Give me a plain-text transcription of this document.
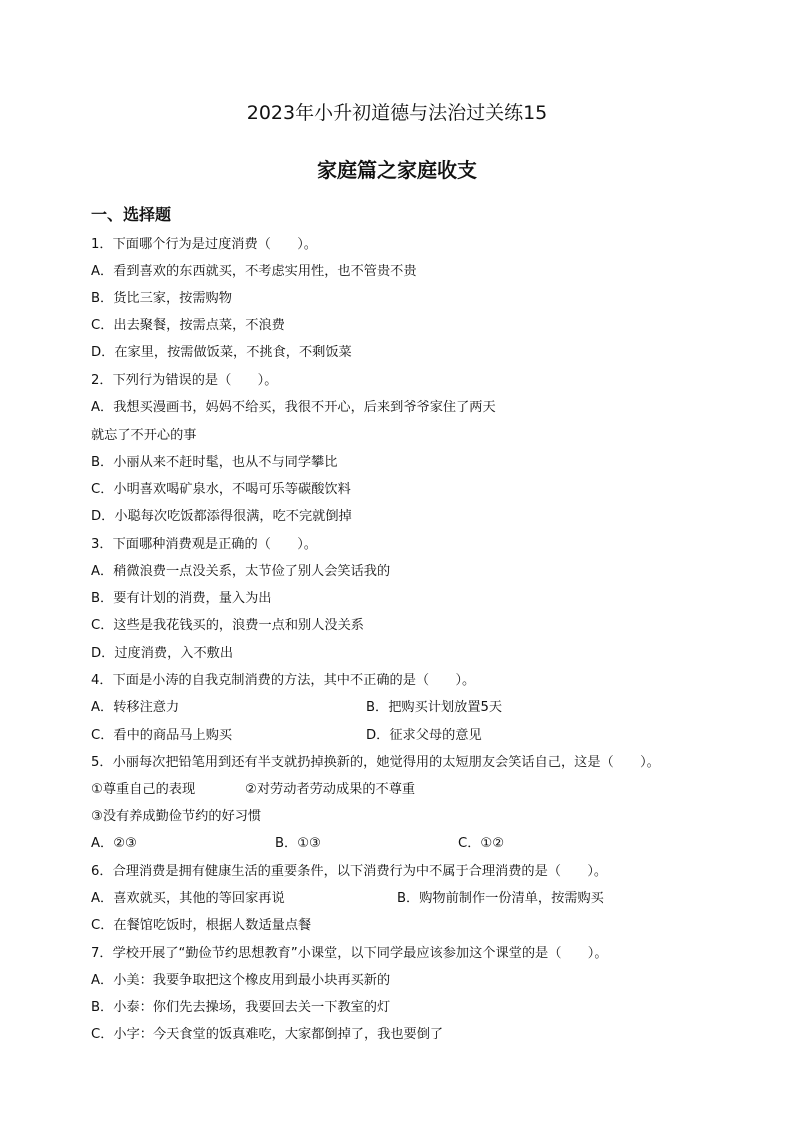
2023年小升初道德与法治过关练15
家庭篇之家庭收支
一、选择题
1．下面哪个行为是过度消费（　　）。
A．看到喜欢的东西就买，不考虑实用性，也不管贵不贵
B．货比三家，按需购物
C．出去聚餐，按需点菜，不浪费
D．在家里，按需做饭菜，不挑食，不剩饭菜
2．下列行为错误的是（　　）。
A．我想买漫画书，妈妈不给买，我很不开心，后来到爷爷家住了两天
就忘了不开心的事
B．小丽从来不赶时髦，也从不与同学攀比
C．小明喜欢喝矿泉水，不喝可乐等碳酸饮料
D．小聪每次吃饭都添得很满，吃不完就倒掉
3．下面哪种消费观是正确的（　　）。
A．稍微浪费一点没关系，太节俭了别人会笑话我的
B．要有计划的消费，量入为出
C．这些是我花钱买的，浪费一点和别人没关系
D．过度消费，入不敷出
4．下面是小涛的自我克制消费的方法，其中不正确的是（　　）。
A．转移注意力	B．把购买计划放置5天
C．看中的商品马上购买	D．征求父母的意见
5．小丽每次把铅笔用到还有半支就扔掉换新的，她觉得用的太短朋友会笑话自己，这是（　　）。
①尊重自己的表现	②对劳动者劳动成果的不尊重
③没有养成勤俭节约的好习惯
A．②③	B．①③	C．①②
6．合理消费是拥有健康生活的重要条件，以下消费行为中不属于合理消费的是（　　）。
A．喜欢就买，其他的等回家再说	B．购物前制作一份清单，按需购买
C．在餐馆吃饭时，根据人数适量点餐
7．学校开展了“勤俭节约思想教育”小课堂，以下同学最应该参加这个课堂的是（　　）。
A．小美：我要争取把这个橡皮用到最小块再买新的
B．小泰：你们先去操场，我要回去关一下教室的灯
C．小字：今天食堂的饭真难吃，大家都倒掉了，我也要倒了
